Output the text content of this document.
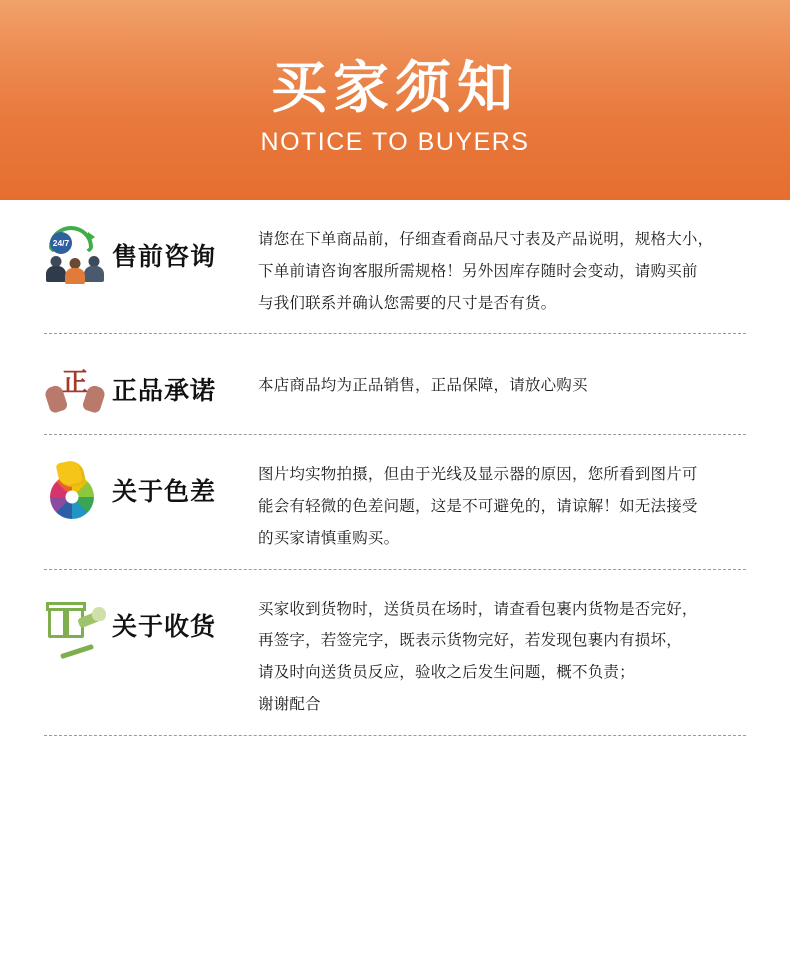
买家须知
NOTICE TO BUYERS
24/7 售前咨询
请您在下单商品前，仔细查看商品尺寸表及产品说明，规格大小，
下单前请咨询客服所需规格！另外因库存随时会变动，请购买前
与我们联系并确认您需要的尺寸是否有货。
正 正品承诺	本店商品均为正品销售，正品保障，请放心购买
关于色差
图片均实物拍摄，但由于光线及显示器的原因，您所看到图片可
能会有轻微的色差问题，这是不可避免的，请谅解！如无法接受
的买家请慎重购买。
关于收货
买家收到货物时，送货员在场时，请查看包裹内货物是否完好，
再签字，若签完字，既表示货物完好，若发现包裹内有损坏，
请及时向送货员反应，验收之后发生问题，概不负责；
谢谢配合
